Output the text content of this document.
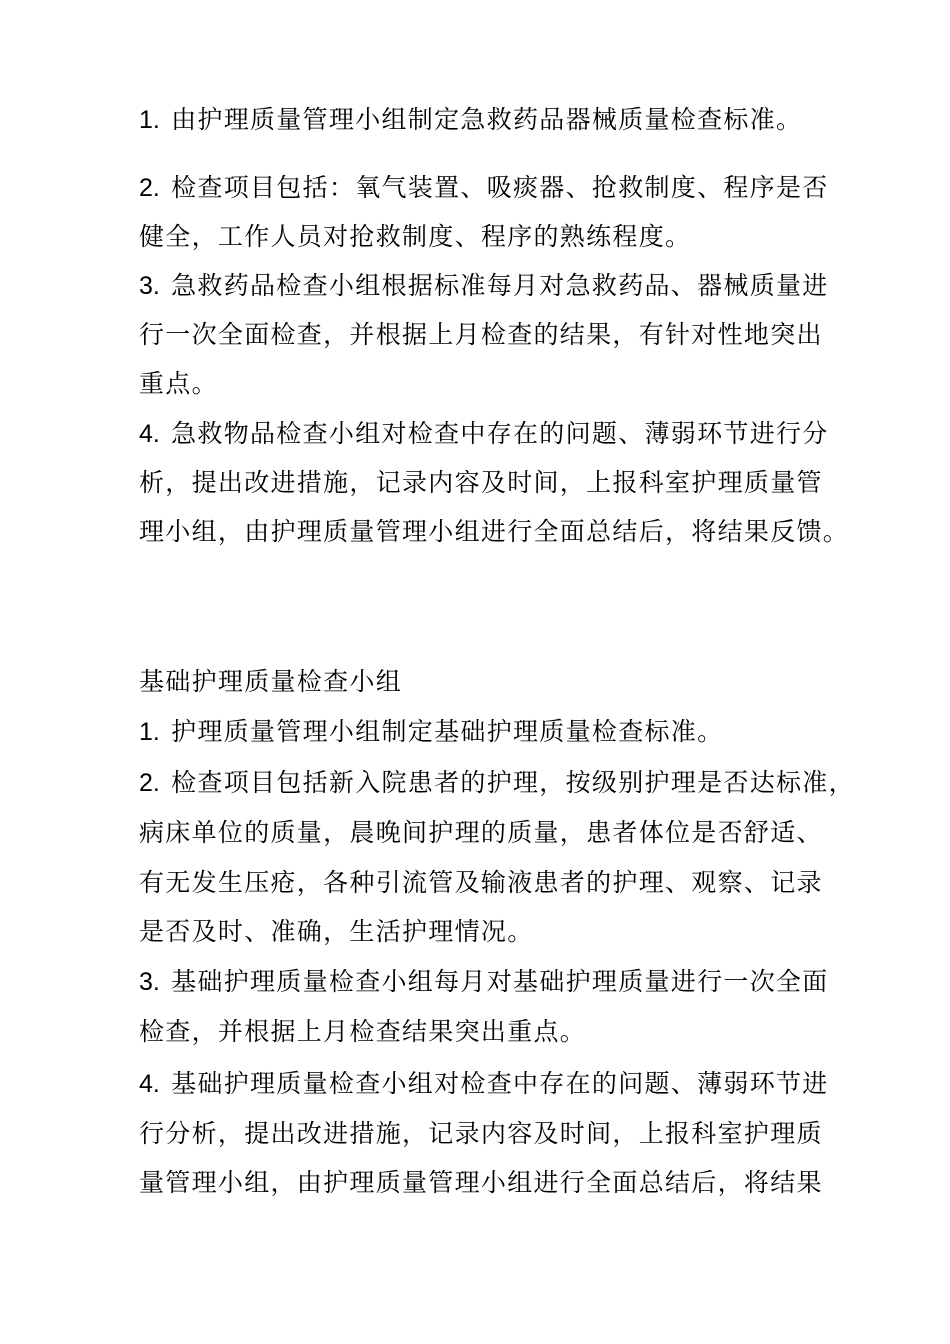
1. 由护理质量管理小组制定急救药品器械质量检查标准。
2. 检查项目包括：氧气装置、吸痰器、抢救制度、程序是否
健全，工作人员对抢救制度、程序的熟练程度。
3. 急救药品检查小组根据标准每月对急救药品、器械质量进
行一次全面检查，并根据上月检查的结果，有针对性地突出
重点。
4. 急救物品检查小组对检查中存在的问题、薄弱环节进行分
析，提出改进措施，记录内容及时间，上报科室护理质量管
理小组，由护理质量管理小组进行全面总结后，将结果反馈。
基础护理质量检查小组
1. 护理质量管理小组制定基础护理质量检查标准。
2. 检查项目包括新入院患者的护理，按级别护理是否达标准，
病床单位的质量，晨晚间护理的质量，患者体位是否舒适、
有无发生压疮，各种引流管及输液患者的护理、观察、记录
是否及时、准确，生活护理情况。
3. 基础护理质量检查小组每月对基础护理质量进行一次全面
检查，并根据上月检查结果突出重点。
4. 基础护理质量检查小组对检查中存在的问题、薄弱环节进
行分析，提出改进措施，记录内容及时间，上报科室护理质
量管理小组，由护理质量管理小组进行全面总结后，将结果
